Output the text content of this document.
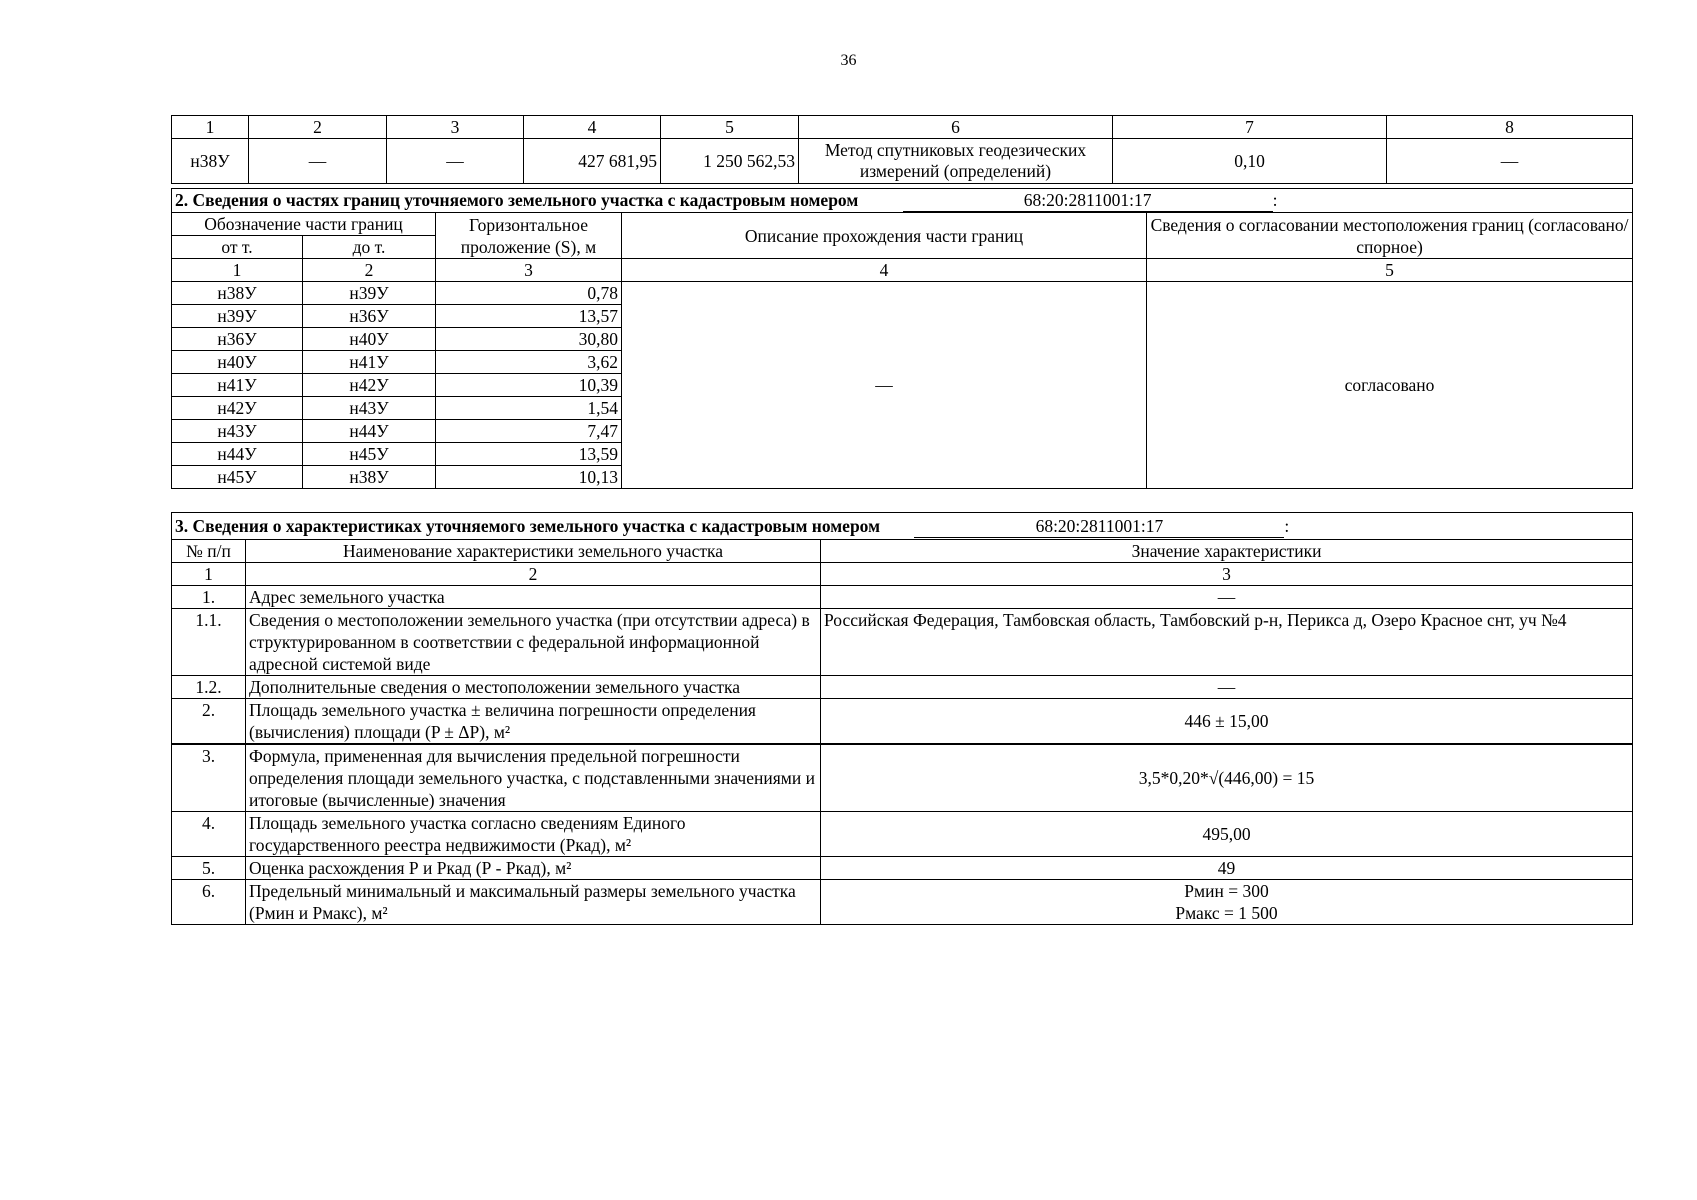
36
1	2	3	4	5	6	7	8
н38У	—	—	427 681,95	1 250 562,53	Метод спутниковых геодезических измерений (определений)	0,10	—
2. Сведения о частях границ уточняемого земельного участка с кадастровым номером 68:20:2811001:17 :				
Обозначение части границ		Горизонтальное проложение (S), м	Описание прохождения части границ	Сведения о согласовании местоположения границ (согласовано/спорное)
от т.	до т.			
1	2	3	4	5
н38У	н39У	0,78	—	согласовано
н39У	н36У	13,57		
н36У	н40У	30,80		
н40У	н41У	3,62		
н41У	н42У	10,39		
н42У	н43У	1,54		
н43У	н44У	7,47		
н44У	н45У	13,59		
н45У	н38У	10,13		
3. Сведения о характеристиках уточняемого земельного участка с кадастровым номером 68:20:2811001:17 :		
№ п/п	Наименование характеристики земельного участка	Значение характеристики
1	2	3
1.	Адрес земельного участка	—
1.1.	Сведения о местоположении земельного участка (при отсутствии адреса) в структурированном в соответствии с федеральной информационной адресной системой виде	Российская Федерация, Тамбовская область, Тамбовский р-н, Перикса д, Озеро Красное снт, уч №4
1.2.	Дополнительные сведения о местоположении земельного участка	—
2.	Площадь земельного участка ± величина погрешности определения (вычисления) площади (P ± ΔP), м²	446 ± 15,00
3.	Формула, примененная для вычисления предельной погрешности определения площади земельного участка, с подставленными значениями и итоговые (вычисленные) значения	3,5*0,20*√(446,00) = 15
4.	Площадь земельного участка согласно сведениям Единого государственного реестра недвижимости (Ркад), м²	495,00
5.	Оценка расхождения Р и Ркад (Р - Ркад), м²	49
6.	Предельный минимальный и максимальный размеры земельного участка (Рмин и Рмакс), м²	Рмин = 300
Рмакс = 1 500
